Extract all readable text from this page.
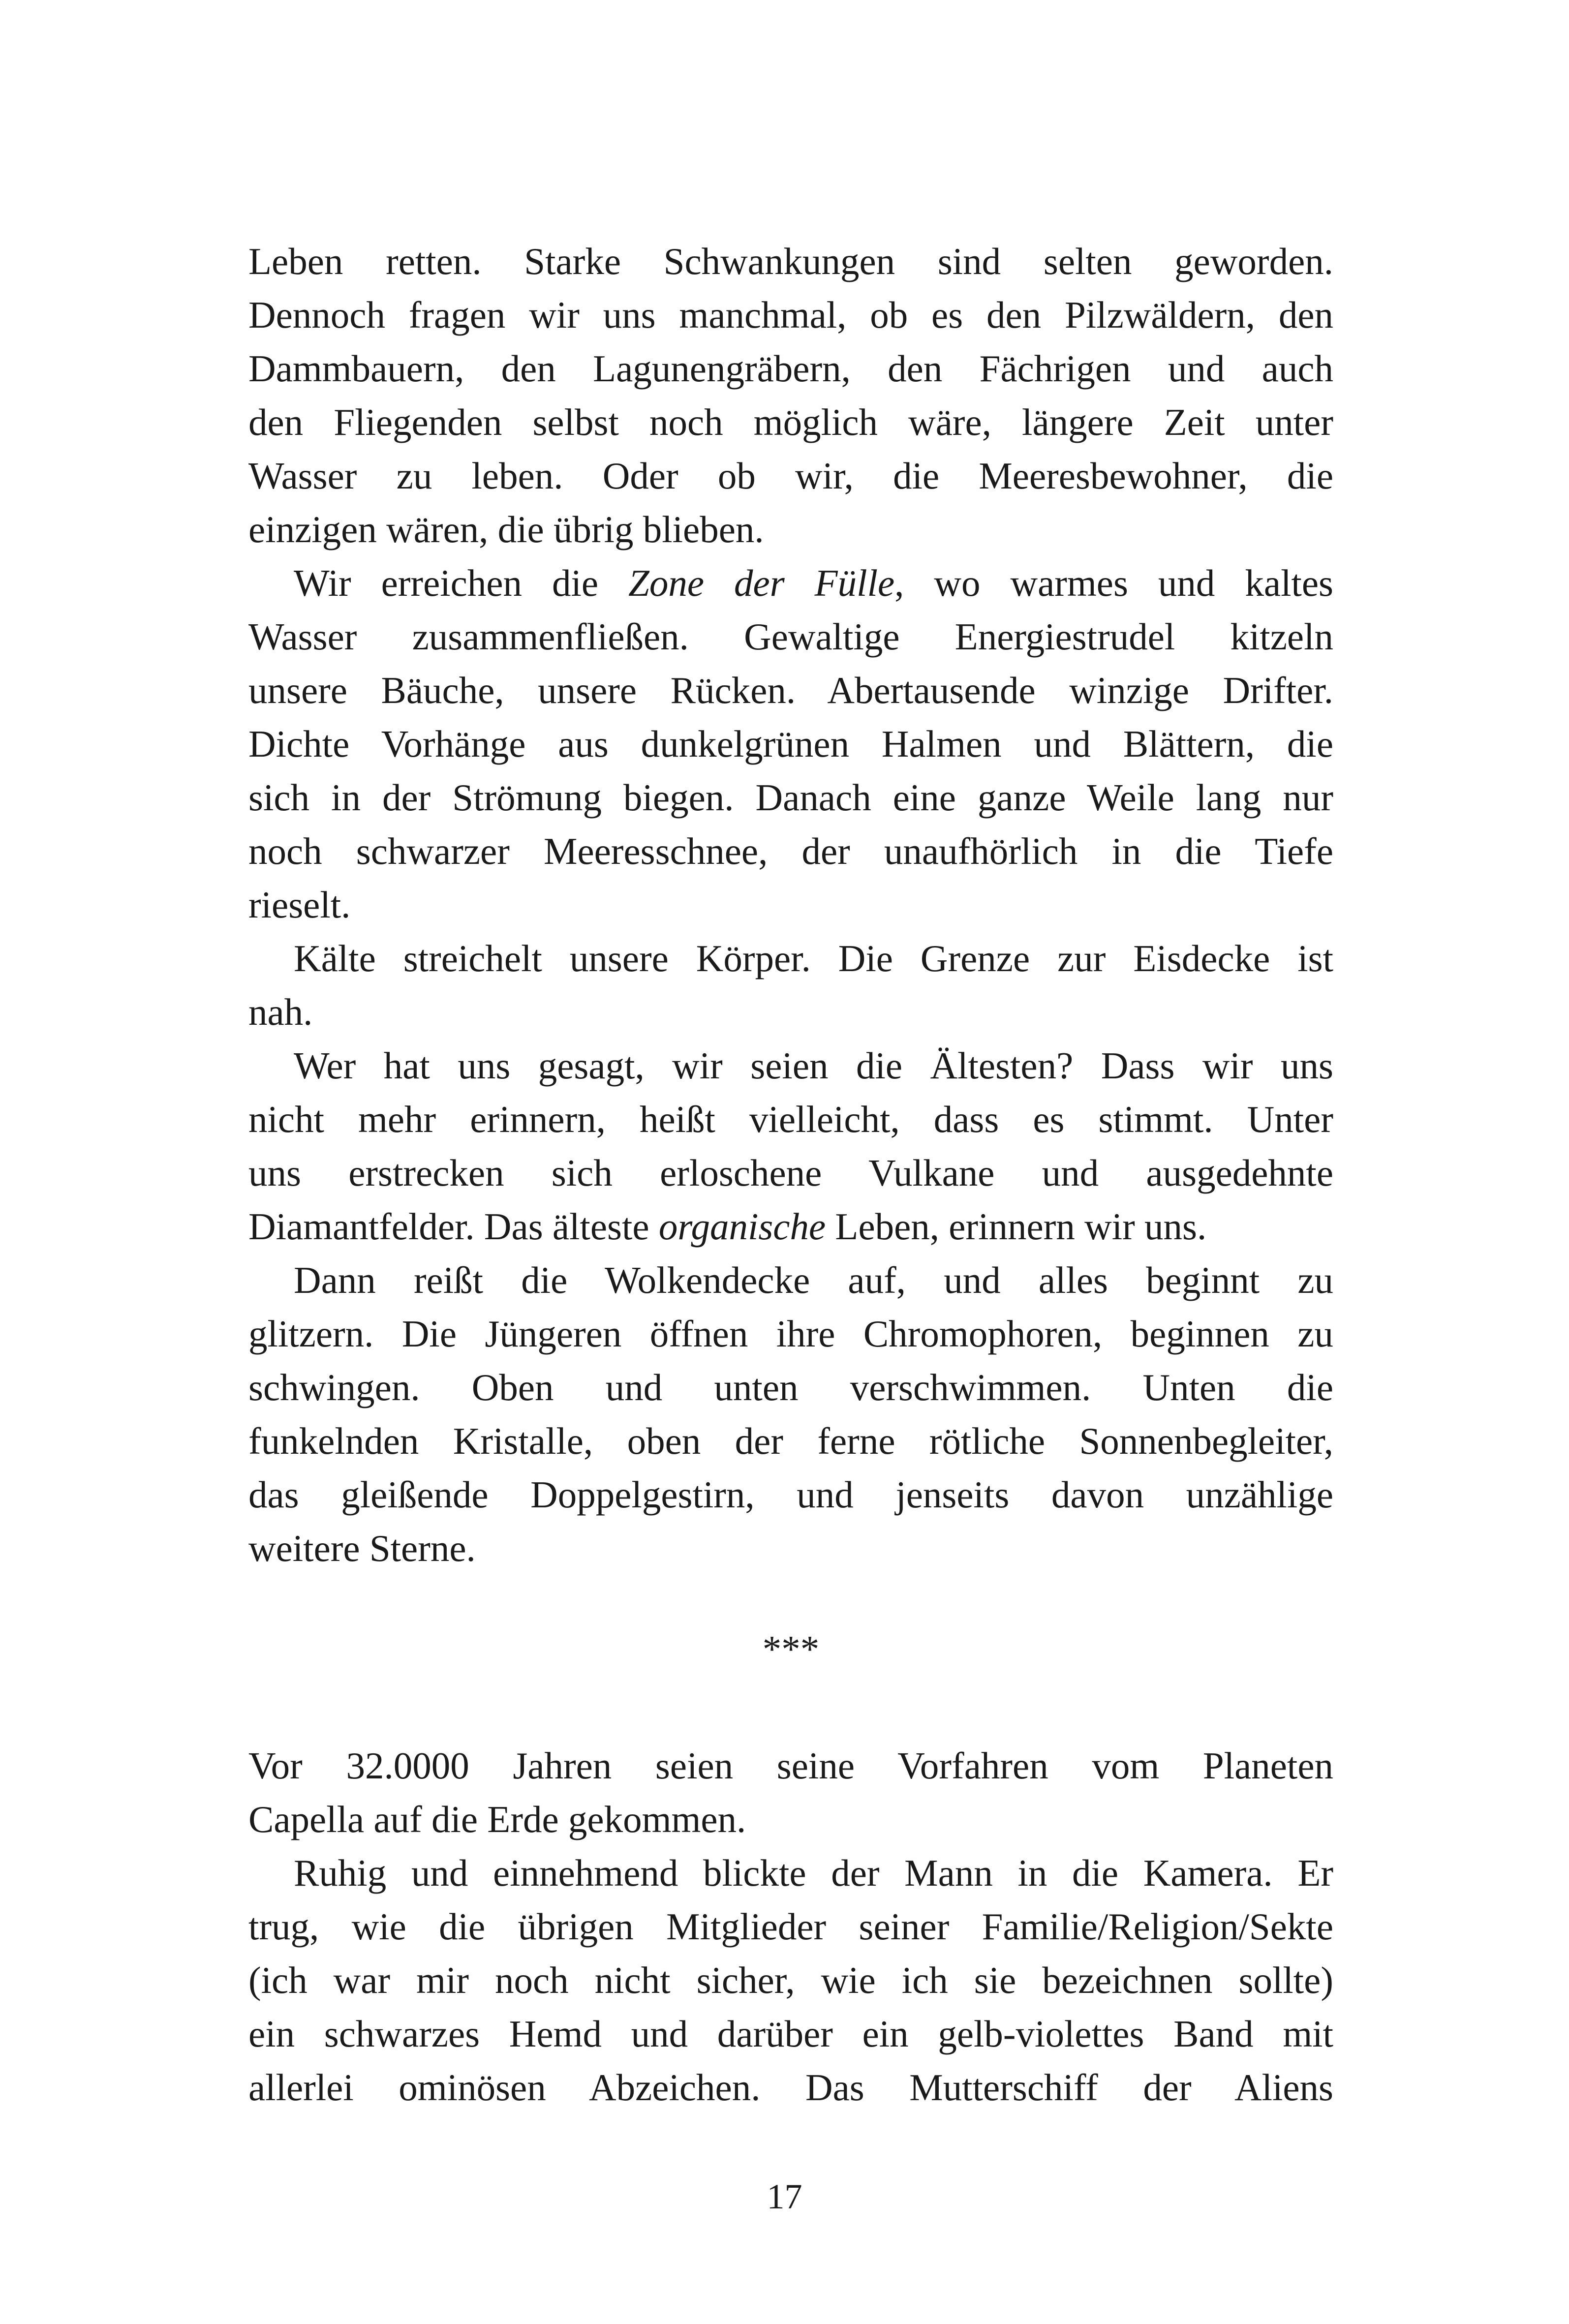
Leben retten. Starke Schwankungen sind selten geworden.
Dennoch fragen wir uns manchmal, ob es den Pilzwäldern, den
Dammbauern, den Lagunengräbern, den Fächrigen und auch
den Fliegenden selbst noch möglich wäre, längere Zeit unter
Wasser zu leben. Oder ob wir, die Meeresbewohner, die
einzigen wären, die übrig blieben.
Wir erreichen die Zone der Fülle, wo warmes und kaltes
Wasser zusammenfließen. Gewaltige Energiestrudel kitzeln
unsere Bäuche, unsere Rücken. Abertausende winzige Drifter.
Dichte Vorhänge aus dunkelgrünen Halmen und Blättern, die
sich in der Strömung biegen. Danach eine ganze Weile lang nur
noch schwarzer Meeresschnee, der unaufhörlich in die Tiefe
rieselt.
Kälte streichelt unsere Körper. Die Grenze zur Eisdecke ist
nah.
Wer hat uns gesagt, wir seien die Ältesten? Dass wir uns
nicht mehr erinnern, heißt vielleicht, dass es stimmt. Unter
uns erstrecken sich erloschene Vulkane und ausgedehnte
Diamantfelder. Das älteste organische Leben, erinnern wir uns.
Dann reißt die Wolkendecke auf, und alles beginnt zu
glitzern. Die Jüngeren öffnen ihre Chromophoren, beginnen zu
schwingen. Oben und unten verschwimmen. Unten die
funkelnden Kristalle, oben der ferne rötliche Sonnenbegleiter,
das gleißende Doppelgestirn, und jenseits davon unzählige
weitere Sterne.
***
Vor 32.0000 Jahren seien seine Vorfahren vom Planeten
Capella auf die Erde gekommen.
Ruhig und einnehmend blickte der Mann in die Kamera. Er
trug, wie die übrigen Mitglieder seiner Familie/Religion/Sekte
(ich war mir noch nicht sicher, wie ich sie bezeichnen sollte)
ein schwarzes Hemd und darüber ein gelb-violettes Band mit
allerlei ominösen Abzeichen. Das Mutterschiff der Aliens
17
